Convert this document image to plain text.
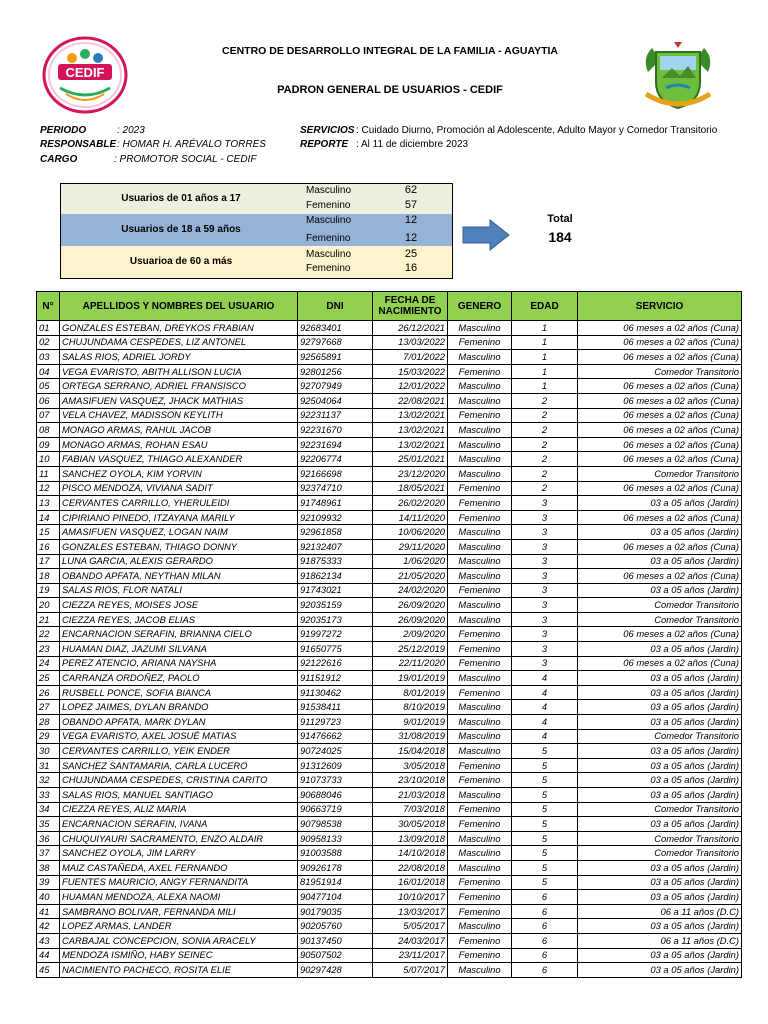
CEDIF
CENTRO DE DESARROLLO INTEGRAL DE LA FAMILIA - AGUAYTIA
PADRON GENERAL DE USUARIOS - CEDIF
PERIODO	: 2023
RESPONSABLE : HOMAR H. ARÉVALO TORRES
CARGO	: PROMOTOR SOCIAL - CEDIF
SERVICIOS : Cuidado Diurno, Promoción al Adolescente, Adulto Mayor y Comedor Transitorio
REPORTE : Al 11 de diciembre 2023
Usuarios de 01 años a 17
Masculino	62
Femenino	57
Usuarios de 18 a 59 años
Masculino	12
Femenino	12
Usuarioa de 60 a más
Masculino	25
Femenino	16
Total
184
N°	APELLIDOS Y NOMBRES DEL USUARIO	DNI	FECHA DE NACIMIENTO	GENERO	EDAD	SERVICIO
01	GONZALES ESTEBAN, DREYKOS FRABIAN	92683401	26/12/2021	Masculino	1	06 meses a 02 años (Cuna)
02	CHUJUNDAMA CESPEDES, LIZ ANTONEL	92797668	13/03/2022	Femenino	1	06 meses a 02 años (Cuna)
03	SALAS RIOS, ADRIEL JORDY	92565891	7/01/2022	Masculino	1	06 meses a 02 años (Cuna)
04	VEGA EVARISTO, ABITH ALLISON LUCIA	92801256	15/03/2022	Femenino	1	Comedor Transitorio
05	ORTEGA SERRANO, ADRIEL FRANSISCO	92707949	12/01/2022	Masculino	1	06 meses a 02 años (Cuna)
06	AMASIFUEN VASQUEZ, JHACK MATHIAS	92504064	22/08/2021	Masculino	2	06 meses a 02 años (Cuna)
07	VELA CHAVEZ, MADISSON KEYLITH	92231137	13/02/2021	Femenino	2	06 meses a 02 años (Cuna)
08	MONAGO ARMAS, RAHUL JACOB	92231670	13/02/2021	Masculino	2	06 meses a 02 años (Cuna)
09	MONAGO ARMAS, ROHAN ESAU	92231694	13/02/2021	Masculino	2	06 meses a 02 años (Cuna)
10	FABIAN VASQUEZ, THIAGO ALEXANDER	92206774	25/01/2021	Masculino	2	06 meses a 02 años (Cuna)
11	SANCHEZ OYOLA, KIM YORVIN	92166698	23/12/2020	Masculino	2	Comedor Transitorio
12	PISCO MENDOZA, VIVIANA SADIT	92374710	18/05/2021	Femenino	2	06 meses a 02 años (Cuna)
13	CERVANTES CARRILLO, YHERULEIDI	91748961	26/02/2020	Femenino	3	03 a 05 años (Jardin)
14	CIPIRIANO PINEDO, ITZAYANA MARILY	92109932	14/11/2020	Femenino	3	06 meses a 02 años (Cuna)
15	AMASIFUEN VASQUEZ, LOGAN NAIM	92961858	10/06/2020	Masculino	3	03 a 05 años (Jardin)
16	GONZALES ESTEBAN, THIAGO DONNY	92132407	29/11/2020	Masculino	3	06 meses a 02 años (Cuna)
17	LUNA GARCIA, ALEXIS GERARDO	91875333	1/06/2020	Masculino	3	03 a 05 años (Jardin)
18	OBANDO APFATA, NEYTHAN MILAN	91862134	21/05/2020	Masculino	3	06 meses a 02 años (Cuna)
19	SALAS RIOS, FLOR NATALI	91743021	24/02/2020	Femenino	3	03 a 05 años (Jardin)
20	CIEZZA REYES, MOISES JOSE	92035159	26/09/2020	Masculino	3	Comedor Transitorio
21	CIEZZA REYES, JACOB ELIAS	92035173	26/09/2020	Masculino	3	Comedor Transitorio
22	ENCARNACION SERAFIN, BRIANNA CIELO	91997272	2/09/2020	Femenino	3	06 meses a 02 años (Cuna)
23	HUAMAN DIAZ, JAZUMI SILVANA	91650775	25/12/2019	Femenino	3	03 a 05 años (Jardin)
24	PEREZ ATENCIO, ARIANA NAYSHA	92122616	22/11/2020	Femenino	3	06 meses a 02 años (Cuna)
25	CARRANZA ORDOÑEZ, PAOLO	91151912	19/01/2019	Masculino	4	03 a 05 años (Jardin)
26	RUSBELL PONCE, SOFIA BIANCA	91130462	8/01/2019	Femenino	4	03 a 05 años (Jardin)
27	LOPEZ JAIMES, DYLAN BRANDO	91538411	8/10/2019	Masculino	4	03 a 05 años (Jardin)
28	OBANDO APFATA, MARK DYLAN	91129723	9/01/2019	Masculino	4	03 a 05 años (Jardin)
29	VEGA EVARISTO, AXEL JOSUÉ MATIAS	91476662	31/08/2019	Masculino	4	Comedor Transitorio
30	CERVANTES CARRILLO, YEIK ENDER	90724025	15/04/2018	Masculino	5	03 a 05 años (Jardin)
31	SANCHEZ SANTAMARIA, CARLA LUCERO	91312609	3/05/2018	Femenino	5	03 a 05 años (Jardin)
32	CHUJUNDAMA CESPEDES, CRISTINA CARITO	91073733	23/10/2018	Femenino	5	03 a 05 años (Jardin)
33	SALAS RIOS, MANUEL SANTIAGO	90688046	21/03/2018	Masculino	5	03 a 05 años (Jardin)
34	CIEZZA REYES, ALIZ MARIA	90663719	7/03/2018	Femenino	5	Comedor Transitorio
35	ENCARNACION SERAFIN, IVANA	90798538	30/05/2018	Femenino	5	03 a 05 años (Jardin)
36	CHUQUIYAURI SACRAMENTO, ENZO ALDAIR	90958133	13/09/2018	Masculino	5	Comedor Transitorio
37	SANCHEZ OYOLA, JIM LARRY	91003588	14/10/2018	Masculino	5	Comedor Transitorio
38	MAIZ CASTAÑEDA, AXEL FERNANDO	90926178	22/08/2018	Masculino	5	03 a 05 años (Jardin)
39	FUENTES MAURICIO, ANGY FERNANDITA	81951914	16/01/2018	Femenino	5	03 a 05 años (Jardin)
40	HUAMAN MENDOZA, ALEXA NAOMI	90477104	10/10/2017	Femenino	6	03 a 05 años (Jardin)
41	SAMBRANO BOLIVAR, FERNANDA MILI	90179035	13/03/2017	Femenino	6	06 a 11 años (D.C)
42	LOPEZ ARMAS, LANDER	90205760	5/05/2017	Masculino	6	03 a 05 años (Jardin)
43	CARBAJAL CONCEPCION, SONIA ARACELY	90137450	24/03/2017	Femenino	6	06 a 11 años (D.C)
44	MENDOZA ISMIÑO, HABY SEINEC	90507502	23/11/2017	Femenino	6	03 a 05 años (Jardin)
45	NACIMIENTO PACHECO, ROSITA ELIE	90297428	5/07/2017	Masculino	6	03 a 05 años (Jardin)
